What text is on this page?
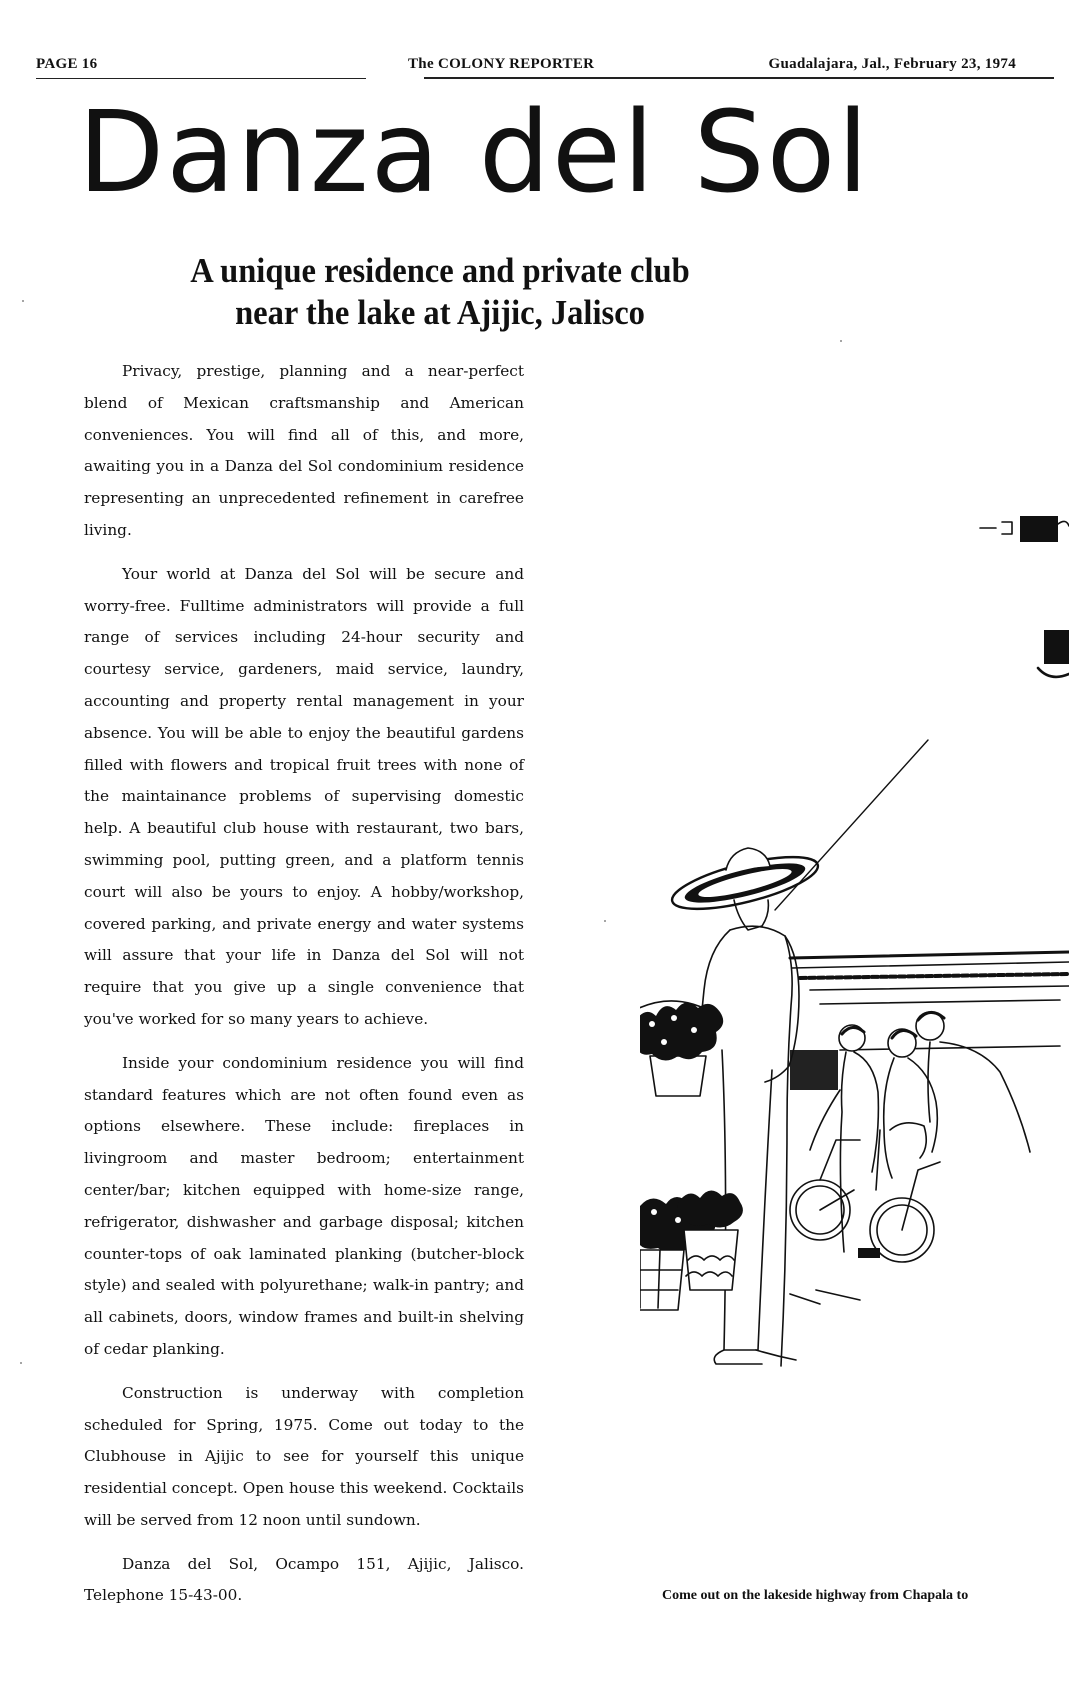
PAGE 16	The COLONY REPORTER	Guadalajara, Jal., February 23, 1974
Danza del Sol
A unique residence and private club
near the lake at Ajijic, Jalisco

Privacy, prestige, planning and a near-perfect blend of Mexican craftsmanship and American conveniences. You will find all of this, and more, awaiting you in a Danza del Sol condominium residence representing an unprecedented refinement in carefree living.

Your world at Danza del Sol will be secure and worry-free. Fulltime administrators will provide a full range of services including 24-hour security and courtesy service, gardeners, maid service, laundry, accounting and property rental management in your absence. You will be able to enjoy the beautiful gardens filled with flowers and tropical fruit trees with none of the maintainance problems of supervising domestic help. A beautiful club house with restaurant, two bars, swimming pool, putting green, and a platform tennis court will also be yours to enjoy. A hobby/workshop, covered parking, and private energy and water systems will assure that your life in Danza del Sol will not require that you give up a single convenience that you've worked for so many years to achieve.

Inside your condominium residence you will find standard features which are not often found even as options elsewhere. These include: fireplaces in livingroom and master bedroom; entertainment center/bar; kitchen equipped with home-size range, refrigerator, dishwasher and garbage disposal; kitchen counter-tops of oak laminated planking (butcher-block style) and sealed with polyurethane; walk-in pantry; and all cabinets, doors, window frames and built-in shelving of cedar planking.

Construction is underway with completion scheduled for Spring, 1975. Come out today to the Clubhouse in Ajijic to see for yourself this unique residential concept. Open house this weekend. Cocktails will be served from 12 noon until sundown.

Danza del Sol, Ocampo 151, Ajijic, Jalisco. Telephone 15-43-00.	Come out on the lakeside highway from Chapala to
